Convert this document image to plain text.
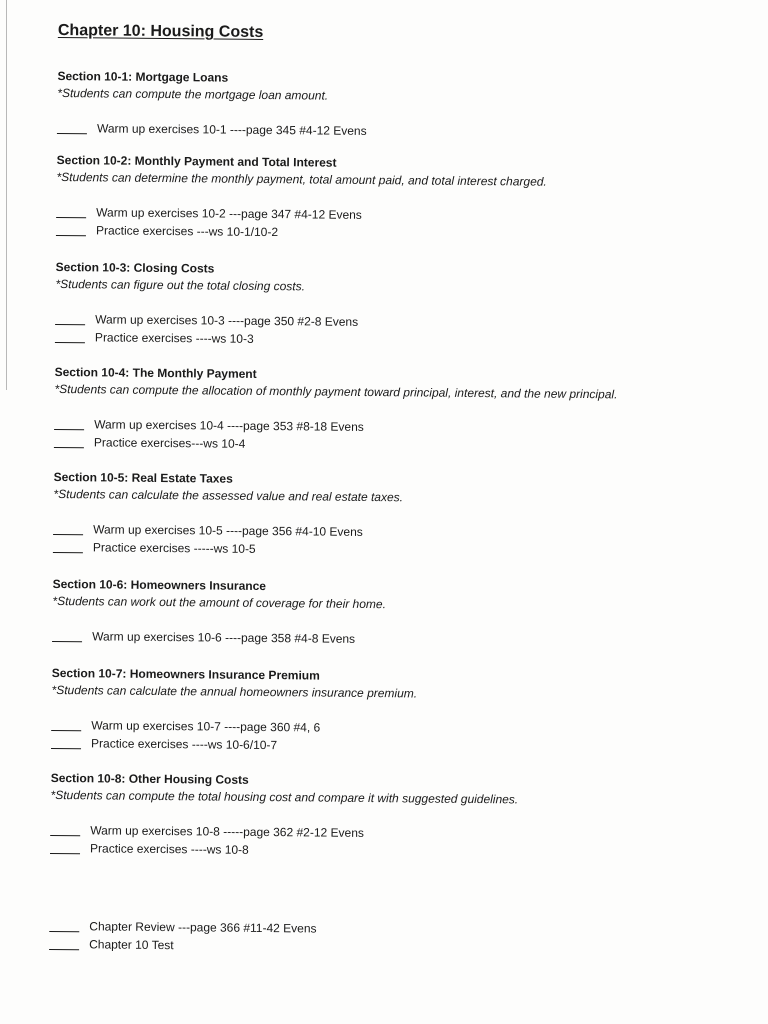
Chapter 10: Housing Costs
Section 10-1: Mortgage Loans
*Students can compute the mortgage loan amount.
Warm up exercises 10-1 ----page 345 #4-12 Evens
Section 10-2: Monthly Payment and Total Interest
*Students can determine the monthly payment, total amount paid, and total interest charged.
Warm up exercises 10-2 ---page 347 #4-12 Evens
Practice exercises ---ws 10-1/10-2
Section 10-3: Closing Costs
*Students can figure out the total closing costs.
Warm up exercises 10-3 ----page 350 #2-8 Evens
Practice exercises ----ws 10-3
Section 10-4: The Monthly Payment
*Students can compute the allocation of monthly payment toward principal, interest, and the new principal.
Warm up exercises 10-4 ----page 353 #8-18 Evens
Practice exercises---ws 10-4
Section 10-5: Real Estate Taxes
*Students can calculate the assessed value and real estate taxes.
Warm up exercises 10-5 ----page 356 #4-10 Evens
Practice exercises -----ws 10-5
Section 10-6: Homeowners Insurance
*Students can work out the amount of coverage for their home.
Warm up exercises 10-6 ----page 358 #4-8 Evens
Section 10-7: Homeowners Insurance Premium
*Students can calculate the annual homeowners insurance premium.
Warm up exercises 10-7 ----page 360 #4, 6
Practice exercises ----ws 10-6/10-7
Section 10-8: Other Housing Costs
*Students can compute the total housing cost and compare it with suggested guidelines.
Warm up exercises 10-8 -----page 362 #2-12 Evens
Practice exercises ----ws 10-8
Chapter Review ---page 366 #11-42 Evens
Chapter 10 Test
